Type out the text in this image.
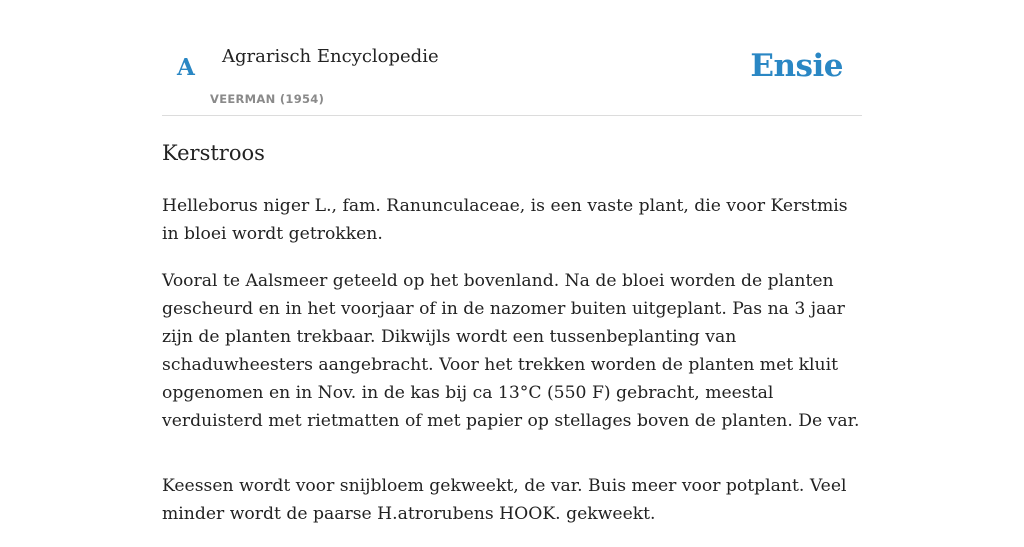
A Agrarisch Encyclopedie
VEERMAN (1954)
Ensie
Kerstroos

Helleborus niger L., fam. Ranunculaceae, is een vaste plant, die voor Kerstmis in bloei wordt getrokken.

Vooral te Aalsmeer geteeld op het bovenland. Na de bloei worden de planten gescheurd en in het voorjaar of in de nazomer buiten uitgeplant. Pas na 3 jaar zijn de planten trekbaar. Dikwijls wordt een tussenbeplanting van schaduwheesters aangebracht. Voor het trekken worden de planten met kluit opgenomen en in Nov. in de kas bij ca 13°C (550 F) gebracht, meestal verduisterd met rietmatten of met papier op stellages boven de planten. De var.

Keessen wordt voor snijbloem gekweekt, de var. Buis meer voor potplant. Veel minder wordt de paarse H.atrorubens HOOK. gekweekt.
